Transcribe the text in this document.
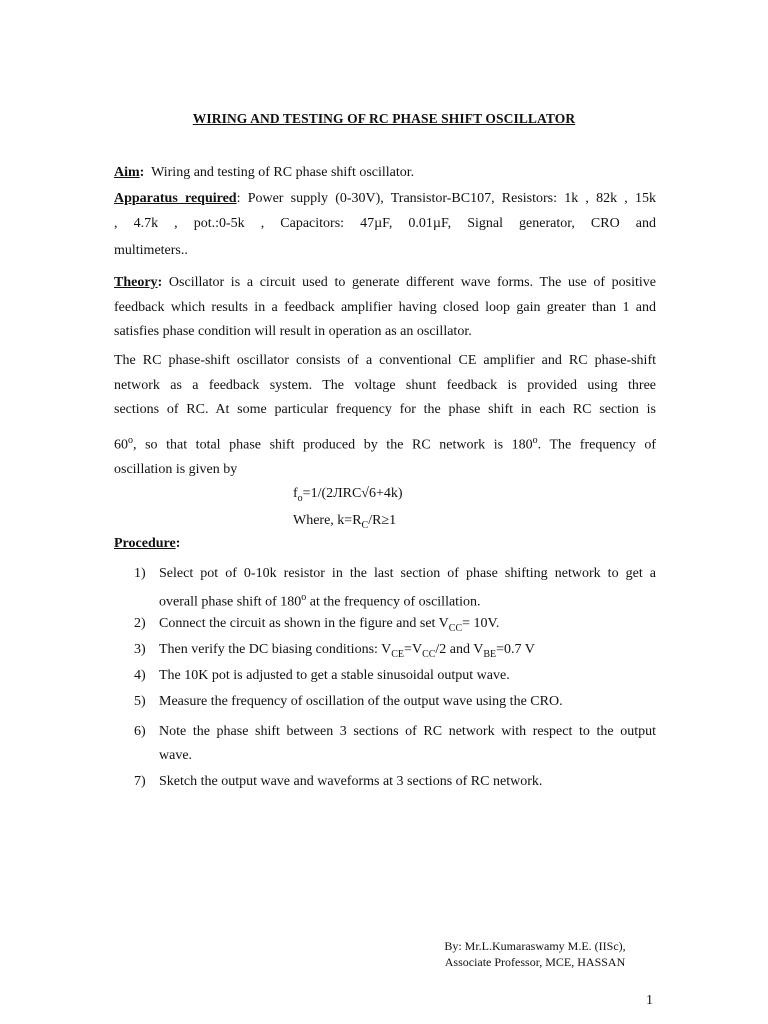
WIRING AND TESTING OF RC PHASE SHIFT OSCILLATOR
Aim: Wiring and testing of RC phase shift oscillator.
Apparatus required: Power supply (0-30V), Transistor-BC107, Resistors: 1k , 82k , 15k
, 4.7k , pot.:0-5k , Capacitors: 47µF, 0.01µF, Signal generator, CRO and
multimeters..
Theory: Oscillator is a circuit used to generate different wave forms. The use of positive
feedback which results in a feedback amplifier having closed loop gain greater than 1 and
satisfies phase condition will result in operation as an oscillator.
The RC phase-shift oscillator consists of a conventional CE amplifier and RC phase-shift
network as a feedback system. The voltage shunt feedback is provided using three
sections of RC. At some particular frequency for the phase shift in each RC section is
60$^o$, so that total phase shift produced by the RC network is 180$^o$. The frequency of
oscillation is given by
$f_o=1/(2ЛRC√6+4k)$
Where, $k=R_C/R\ge 1$
Procedure:
1) Select pot of 0-10k resistor in the last section of phase shifting network to get a
overall phase shift of 180$^o$ at the frequency of oscillation.
2) Connect the circuit as shown in the figure and set $V_{CC}= 10V$.
3) Then verify the DC biasing conditions: $V_{CE}=V_{CC}/2$ and $V_{BE}=0.7$ V
4) The 10K pot is adjusted to get a stable sinusoidal output wave.
5) Measure the frequency of oscillation of the output wave using the CRO.
6) Note the phase shift between 3 sections of RC network with respect to the output
wave.
7) Sketch the output wave and waveforms at 3 sections of RC network.
By: Mr.L.Kumaraswamy M.E. (IISc),
Associate Professor, MCE, HASSAN
1
